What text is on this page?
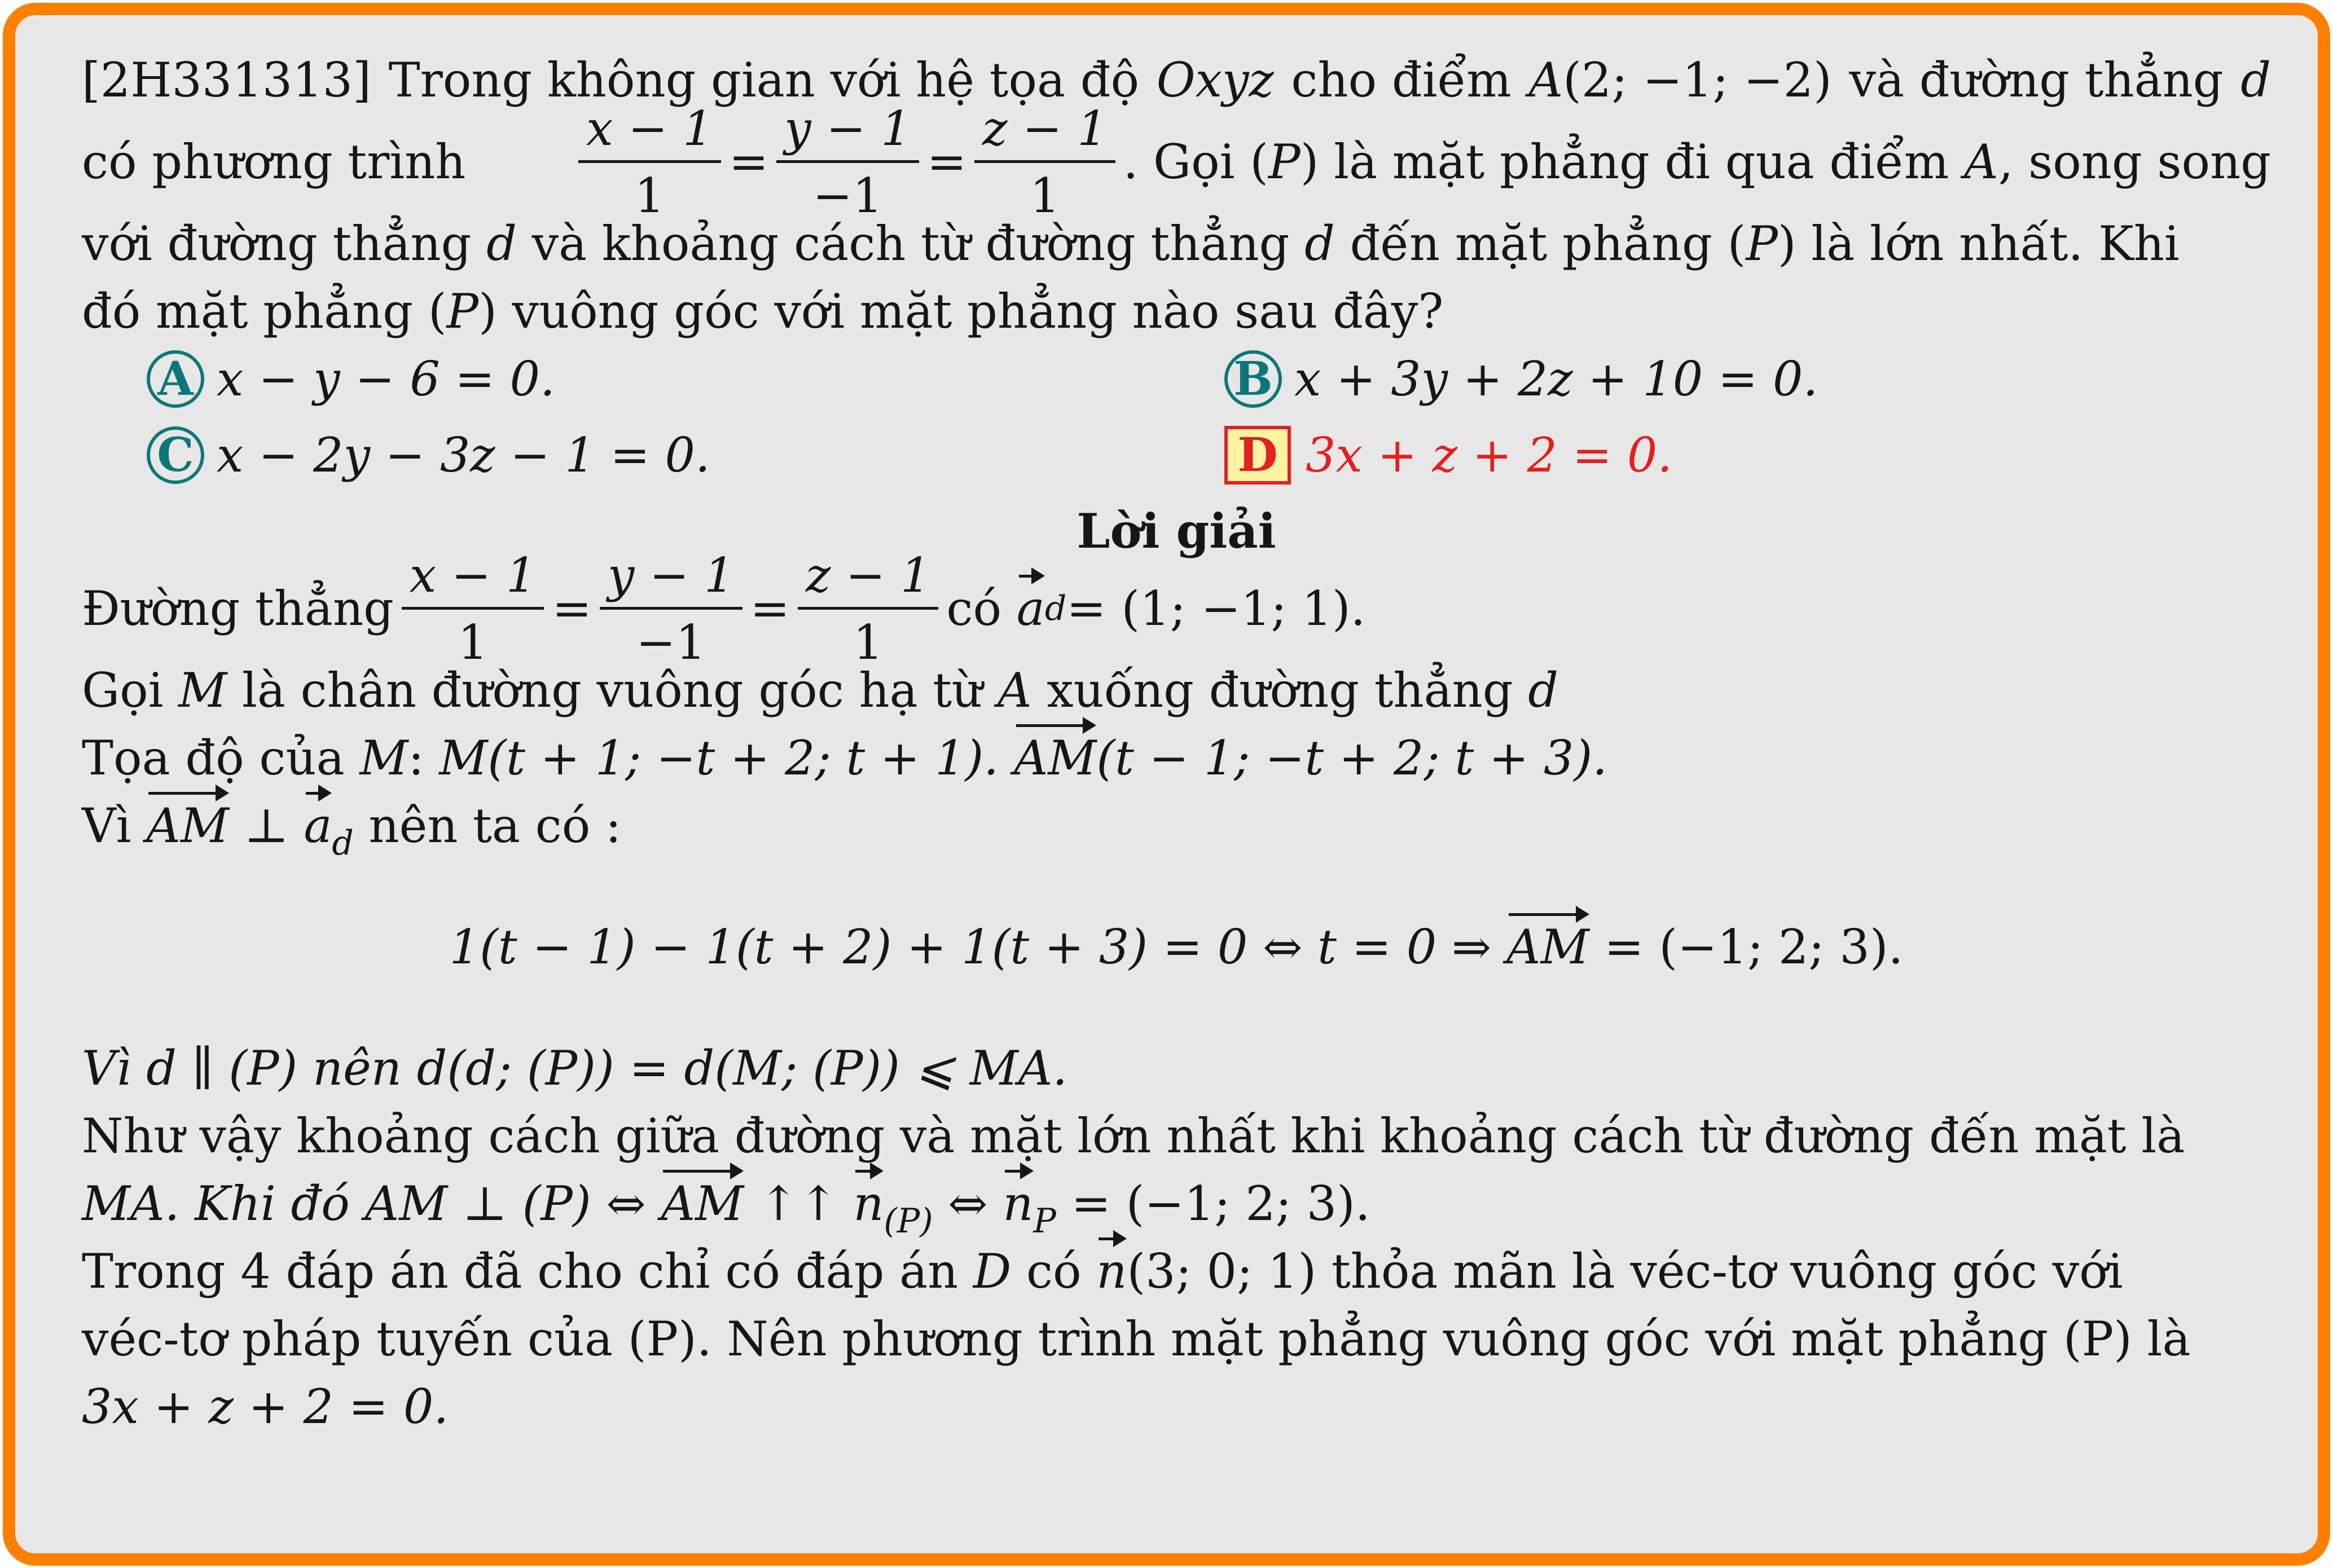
[2H331313] Trong không gian với hệ tọa độ Oxyz cho điểm A(2; −1; −2) và đường thẳng d
có phương trình $\frac{x - 1}{1} = \frac{y - 1}{-1} = \frac{z - 1}{1}$ . Gọi (P) là mặt phẳng đi qua điểm A, song song
với đường thẳng d và khoảng cách từ đường thẳng d đến mặt phẳng (P) là lớn nhất. Khi
đó mặt phẳng (P) vuông góc với mặt phẳng nào sau đây?
A x − y − 6 = 0.	B x + 3y + 2z + 10 = 0.
C x − 2y − 3z − 1 = 0.	D 3x + z + 2 = 0.
Lời giải
Đường thẳng $\frac{x - 1}{1} = \frac{y - 1}{-1} = \frac{z - 1}{1}$ có
a d = (1; −1; 1).
Gọi M là chân đường vuông góc hạ từ A xuống đường thẳng d
Tọa độ của M: M(t + 1; −t + 2; t + 1). AM(t − 1; −t + 2; t + 3).
Vì AM ⊥ $a_d$ nên ta có :
1(t − 1) − 1(t + 2) + 1(t + 3) = 0 ⇔ t = 0 ⇒ AM = (−1; 2; 3).
Vì d ∥ (P) nên d(d; (P)) = d(M; (P)) ⩽ MA.
Như vậy khoảng cách giữa đường và mặt lớn nhất khi khoảng cách từ đường đến mặt là
MA. Khi đó AM ⊥ (P) ⇔ AM ↑↑ $n_{(P)}$ ⇔ $n_P = (-1$; 2; 3).
Trong 4 đáp án đã cho chỉ có đáp án D có n(3; 0; 1) thỏa mãn là véc-tơ vuông góc với
véc-tơ pháp tuyến của (P). Nên phương trình mặt phẳng vuông góc với mặt phẳng (P) là
3x + z + 2 = 0.
